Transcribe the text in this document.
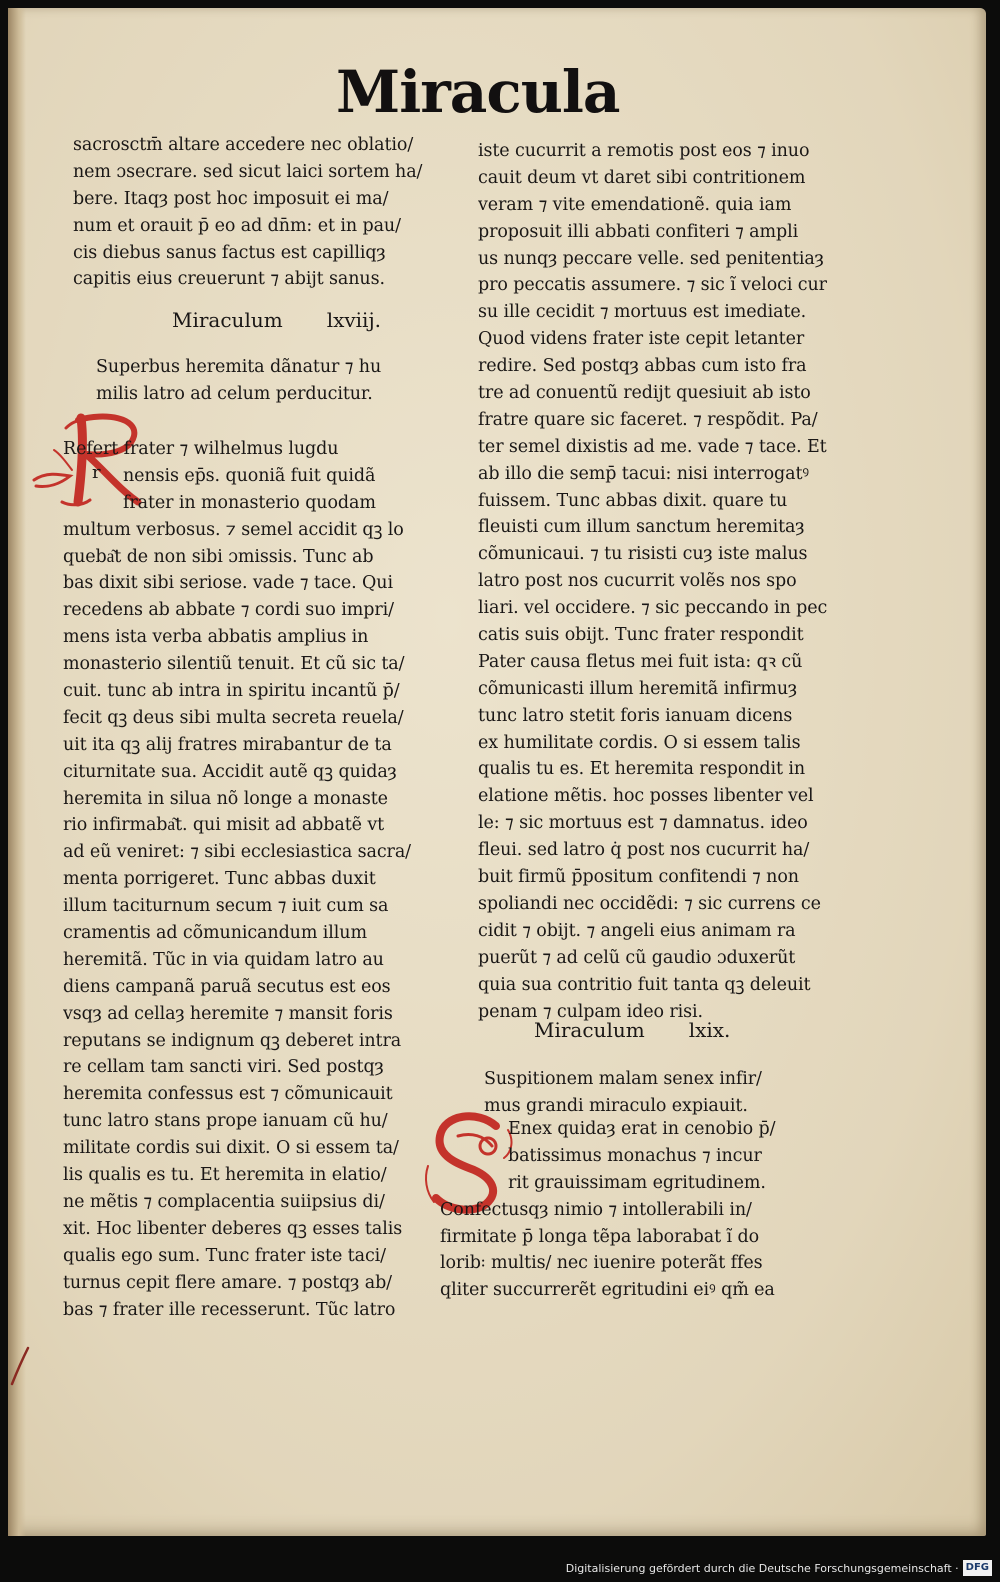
Miracula
sacrosctm̄ altare accedere nec oblatio/
nem ɔsecrare. sed sicut laici sortem ha/
bere. Itaqȝ post hoc imposuit ei ma/
num et orauit p̄ eo ad dn̄m: et in pau/
cis diebus sanus factus est capilliqȝ
capitis eius creuerunt ⁊ abijt sanus.
Miraculum lxviij.
Superbus heremita dãnatur ⁊ hu
milis latro ad celum perducitur.
r
Refert frater ⁊ wilhelmus lugdu
nensis ep̄s. quoniã fuit quidã
frater in monasterio quodam
multum verbosus. ⁊ semel accidit qꝫ lo
queba͂t de non sibi ɔmissis. Tunc ab
bas dixit sibi seriose. vade ⁊ tace. Qui
recedens ab abbate ⁊ cordi suo impri/
mens ista verba abbatis amplius in
monasterio silentiũ tenuit. Et cũ sic ta/
cuit. tunc ab intra in spiritu incantũ p̄/
fecit qꝫ deus sibi multa secreta reuela/
uit ita qꝫ alij fratres mirabantur de ta
citurnitate sua. Accidit autẽ qꝫ quidaȝ
heremita in silua nõ longe a monaste
rio infirmaba͂t. qui misit ad abbatẽ vt
ad eũ veniret: ⁊ sibi ecclesiastica sacra/
menta porrigeret. Tunc abbas duxit
illum taciturnum secum ⁊ iuit cum sa
cramentis ad cõmunicandum illum
heremitã. Tũc in via quidam latro au
diens campanã paruã secutus est eos
vsqȝ ad cellaȝ heremite ⁊ mansit foris
reputans se indignum qꝫ deberet intra
re cellam tam sancti viri. Sed postqȝ
heremita confessus est ⁊ cõmunicauit
tunc latro stans prope ianuam cũ hu/
militate cordis sui dixit. O si essem ta/
lis qualis es tu. Et heremita in elatio/
ne mẽtis ⁊ complacentia suiipsius di/
xit. Hoc libenter deberes qꝫ esses talis
qualis ego sum. Tunc frater iste taci/
turnus cepit flere amare. ⁊ postqȝ ab/
bas ⁊ frater ille recesserunt. Tũc latro
iste cucurrit a remotis post eos ⁊ inuo
cauit deum vt daret sibi contritionem
veram ⁊ vite emendationẽ. quia iam
proposuit illi abbati confiteri ⁊ ampli
us nunqȝ peccare velle. sed penitentiaȝ
pro peccatis assumere. ⁊ sic ĩ veloci cur
su ille cecidit ⁊ mortuus est imediate.
Quod videns frater iste cepit letanter
redire. Sed postqȝ abbas cum isto fra
tre ad conuentũ redijt quesiuit ab isto
fratre quare sic faceret. ⁊ respõdit. Pa/
ter semel dixistis ad me. vade ⁊ tace. Et
ab illo die semp̄ tacui: nisi interrogatꝰ
fuissem. Tunc abbas dixit. quare tu
fleuisti cum illum sanctum heremitaȝ
cõmunicaui. ⁊ tu risisti cuȝ iste malus
latro post nos cucurrit volẽs nos spo
liari. vel occidere. ⁊ sic peccando in pec
catis suis obijt. Tunc frater respondit
Pater causa fletus mei fuit ista: qꝛ cũ
cõmunicasti illum heremitã infirmuȝ
tunc latro stetit foris ianuam dicens
ex humilitate cordis. O si essem talis
qualis tu es. Et heremita respondit in
elatione mẽtis. hoc posses libenter vel
le: ⁊ sic mortuus est ⁊ damnatus. ideo
fleui. sed latro q̇ post nos cucurrit ha/
buit firmũ p̄positum confitendi ⁊ non
spoliandi nec occidẽdi: ⁊ sic currens ce
cidit ⁊ obijt. ⁊ angeli eius animam ra
puerũt ⁊ ad celũ cũ gaudio ɔduxerũt
quia sua contritio fuit tanta qꝫ deleuit
penam ⁊ culpam ideo risi.
Miraculum lxix.
Suspitionem malam senex infir/
mus grandi miraculo expiauit.
Enex quidaȝ erat in cenobio p̄/
batissimus monachus ⁊ incur
rit grauissimam egritudinem.
Confectusqȝ nimio ⁊ intollerabili in/
firmitate p̄ longa tẽpa laborabat ĩ do
lorib꞉ multis/ nec iuenire poterãt ffes
qliter succurrerẽt egritudini eiꝰ qm̃ ea
Digitalisierung gefördert durch die Deutsche Forschungsgemeinschaft · DFG
